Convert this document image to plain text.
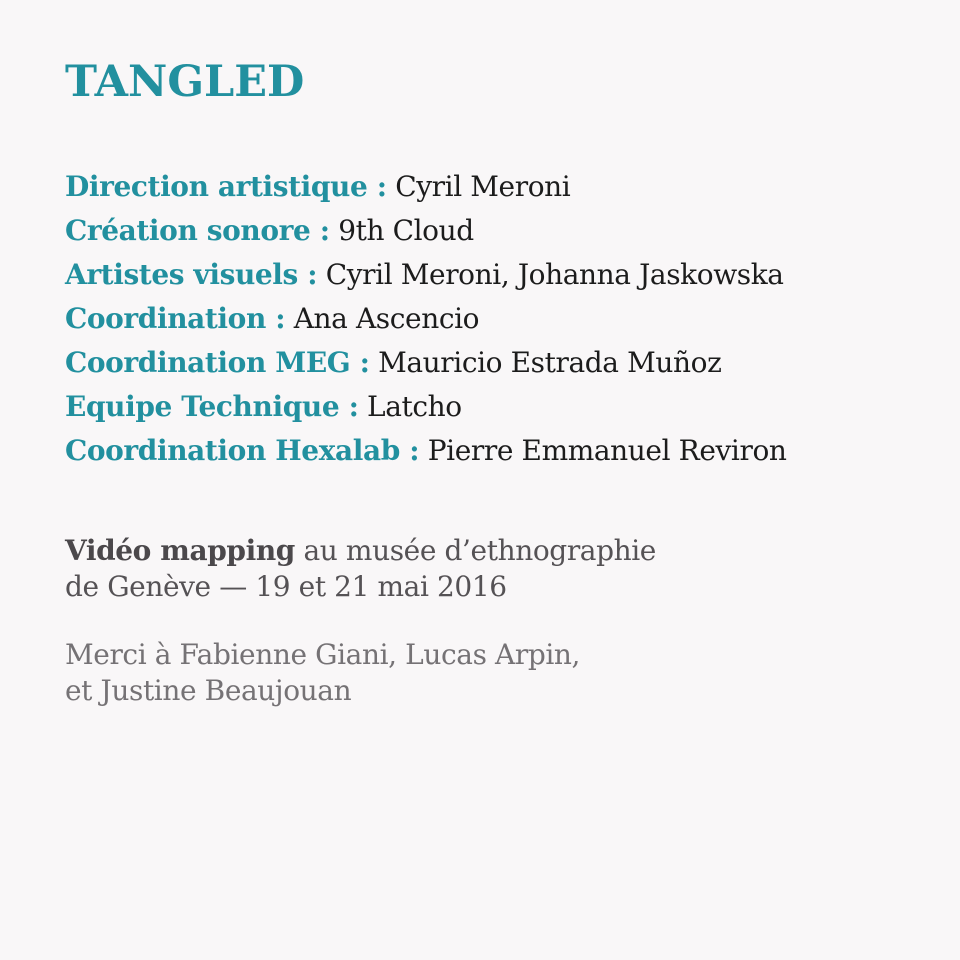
TANGLED
Direction artistique : Cyril Meroni
Création sonore : 9th Cloud
Artistes visuels : Cyril Meroni, Johanna Jaskowska
Coordination : Ana Ascencio
Coordination MEG : Mauricio Estrada Muñoz
Equipe Technique : Latcho
Coordination Hexalab : Pierre Emmanuel Reviron
Vidéo mapping au musée d’ethnographie
de Genève — 19 et 21 mai 2016
Merci à Fabienne Giani, Lucas Arpin,
et Justine Beaujouan
